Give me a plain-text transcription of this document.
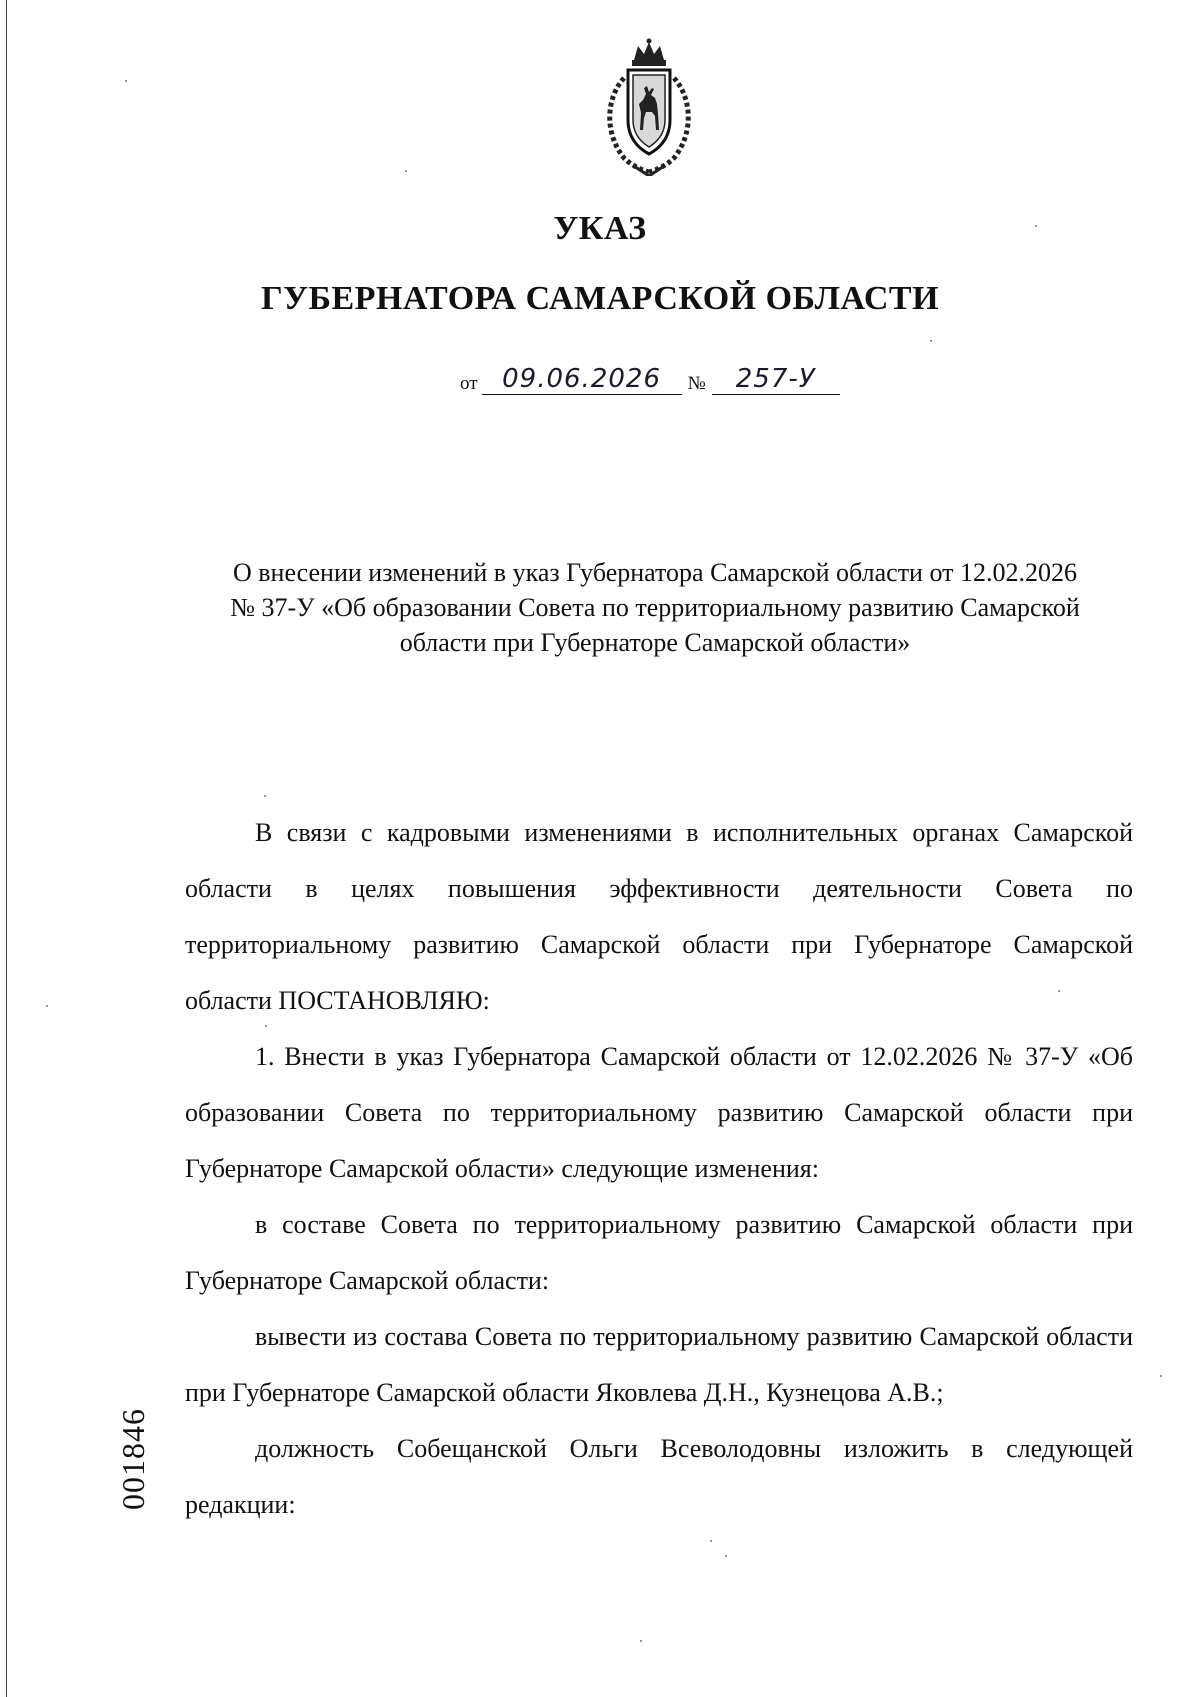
УКАЗ
ГУБЕРНАТОРА САМАРСКОЙ ОБЛАСТИ
от 09.06.2026 № 257-У
О внесении изменений в указ Губернатора Самарской области от 12.02.2026
№ 37-У «Об образовании Совета по территориальному развитию Самарской
области при Губернаторе Самарской области»

В связи с кадровыми изменениями в исполнительных органах Самарской области в целях повышения эффективности деятельности Совета по территориальному развитию Самарской области при Губернаторе Самарской области ПОСТАНОВЛЯЮ:

1. Внести в указ Губернатора Самарской области от 12.02.2026 № 37-У «Об образовании Совета по территориальному развитию Самарской области при Губернаторе Самарской области» следующие изменения:

в составе Совета по территориальному развитию Самарской области при Губернаторе Самарской области:

вывести из состава Совета по территориальному развитию Самарской области при Губернаторе Самарской области Яковлева Д.Н., Кузнецова А.В.;

должность Собещанской Ольги Всеволодовны изложить в следующей редакции:

001846
